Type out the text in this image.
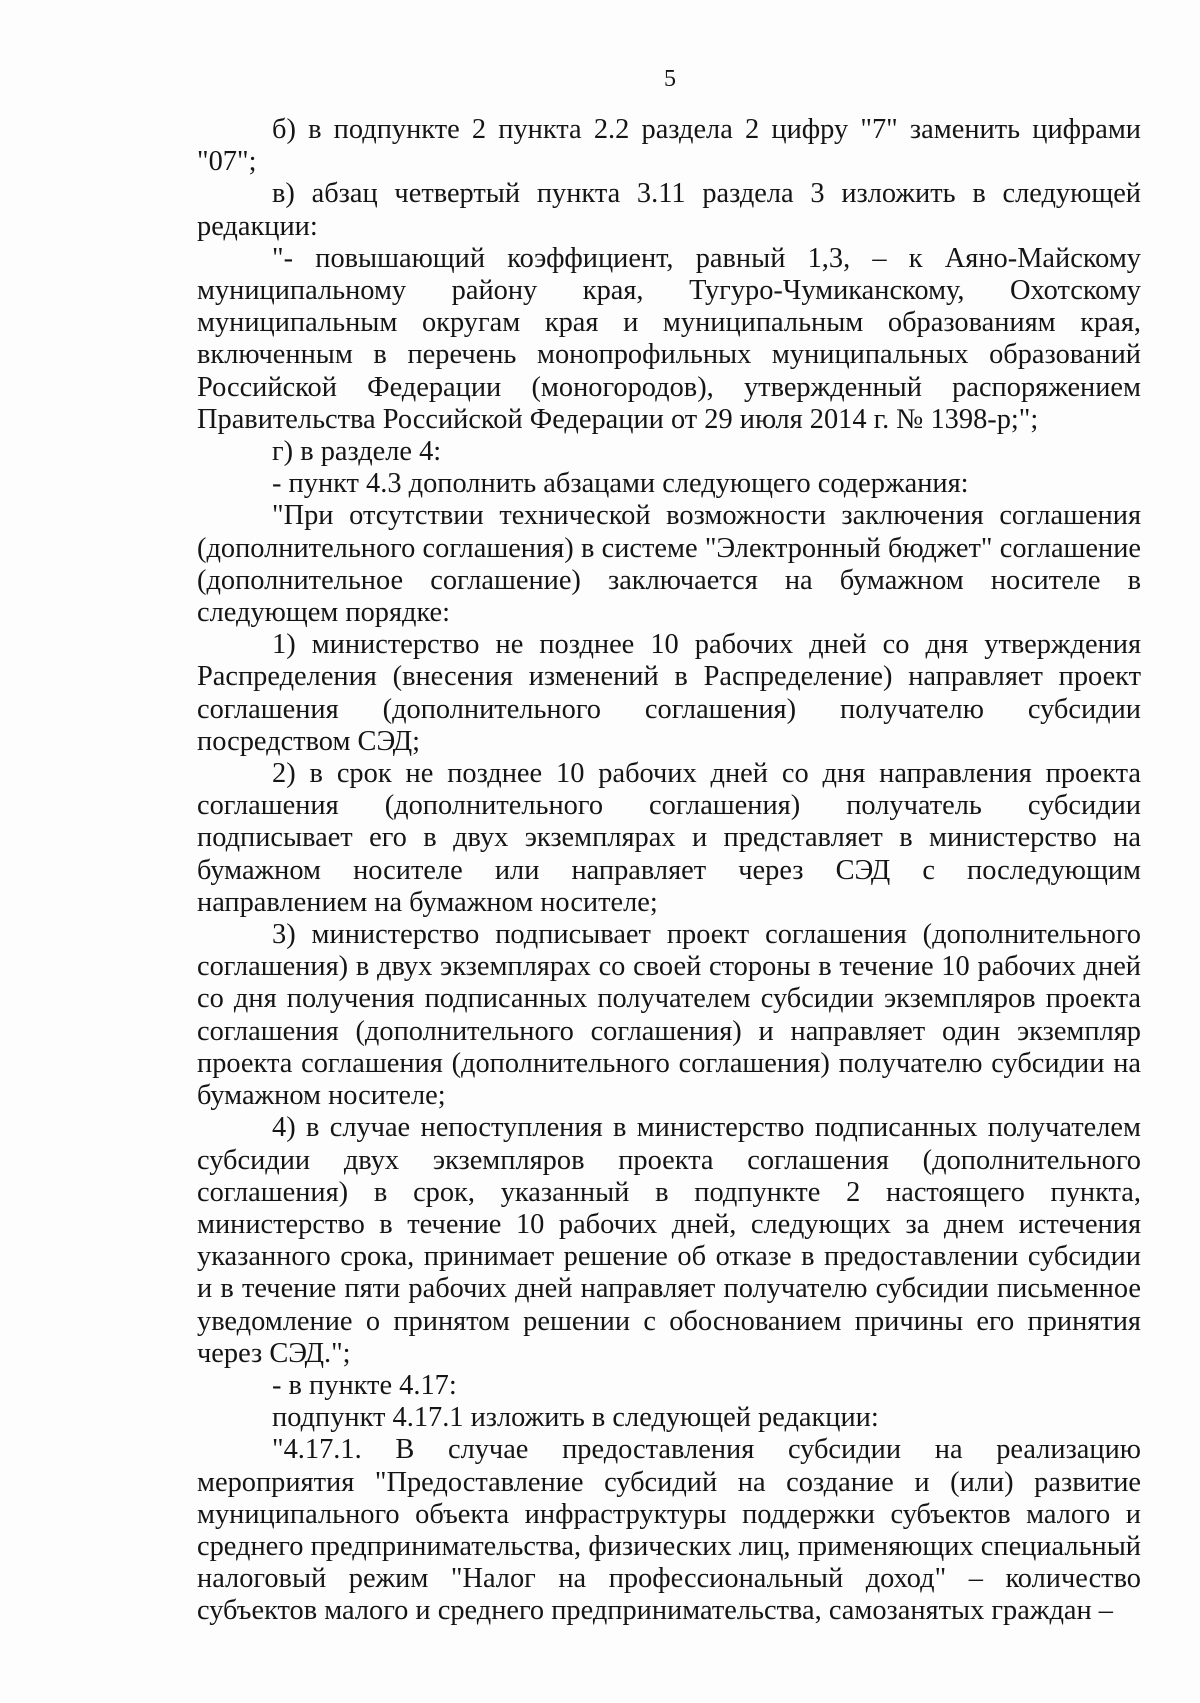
5

б) в подпункте 2 пункта 2.2 раздела 2 цифру "7" заменить цифрами "07";

в) абзац четвертый пункта 3.11 раздела 3 изложить в следующей редакции:

"- повышающий коэффициент, равный 1,3, – к Аяно-Майскому муниципальному району края, Тугуро-Чумиканскому, Охотскому муниципальным округам края и муниципальным образованиям края, включенным в перечень монопрофильных муниципальных образований Российской Федерации (моногородов), утвержденный распоряжением Правительства Российской Федерации от 29 июля 2014 г. № 1398-р;";

г) в разделе 4:

- пункт 4.3 дополнить абзацами следующего содержания:

"При отсутствии технической возможности заключения соглашения (дополнительного соглашения) в системе "Электронный бюджет" соглашение (дополнительное соглашение) заключается на бумажном носителе в следующем порядке:

1) министерство не позднее 10 рабочих дней со дня утверждения Распределения (внесения изменений в Распределение) направляет проект соглашения (дополнительного соглашения) получателю субсидии посредством СЭД;

2) в срок не позднее 10 рабочих дней со дня направления проекта соглашения (дополнительного соглашения) получатель субсидии подписывает его в двух экземплярах и представляет в министерство на бумажном носителе или направляет через СЭД с последующим направлением на бумажном носителе;

3) министерство подписывает проект соглашения (дополнительного соглашения) в двух экземплярах со своей стороны в течение 10 рабочих дней со дня получения подписанных получателем субсидии экземпляров проекта соглашения (дополнительного соглашения) и направляет один экземпляр проекта соглашения (дополнительного соглашения) получателю субсидии на бумажном носителе;

4) в случае непоступления в министерство подписанных получателем субсидии двух экземпляров проекта соглашения (дополнительного соглашения) в срок, указанный в подпункте 2 настоящего пункта, министерство в течение 10 рабочих дней, следующих за днем истечения указанного срока, принимает решение об отказе в предоставлении субсидии и в течение пяти рабочих дней направляет получателю субсидии письменное уведомление о принятом решении с обоснованием причины его принятия через СЭД.";

- в пункте 4.17:

подпункт 4.17.1 изложить в следующей редакции:

"4.17.1. В случае предоставления субсидии на реализацию мероприятия "Предоставление субсидий на создание и (или) развитие муниципального объекта инфраструктуры поддержки субъектов малого и среднего предпринимательства, физических лиц, применяющих специальный налоговый режим "Налог на профессиональный доход" – количество субъектов малого и среднего предпринимательства, самозанятых граждан –
